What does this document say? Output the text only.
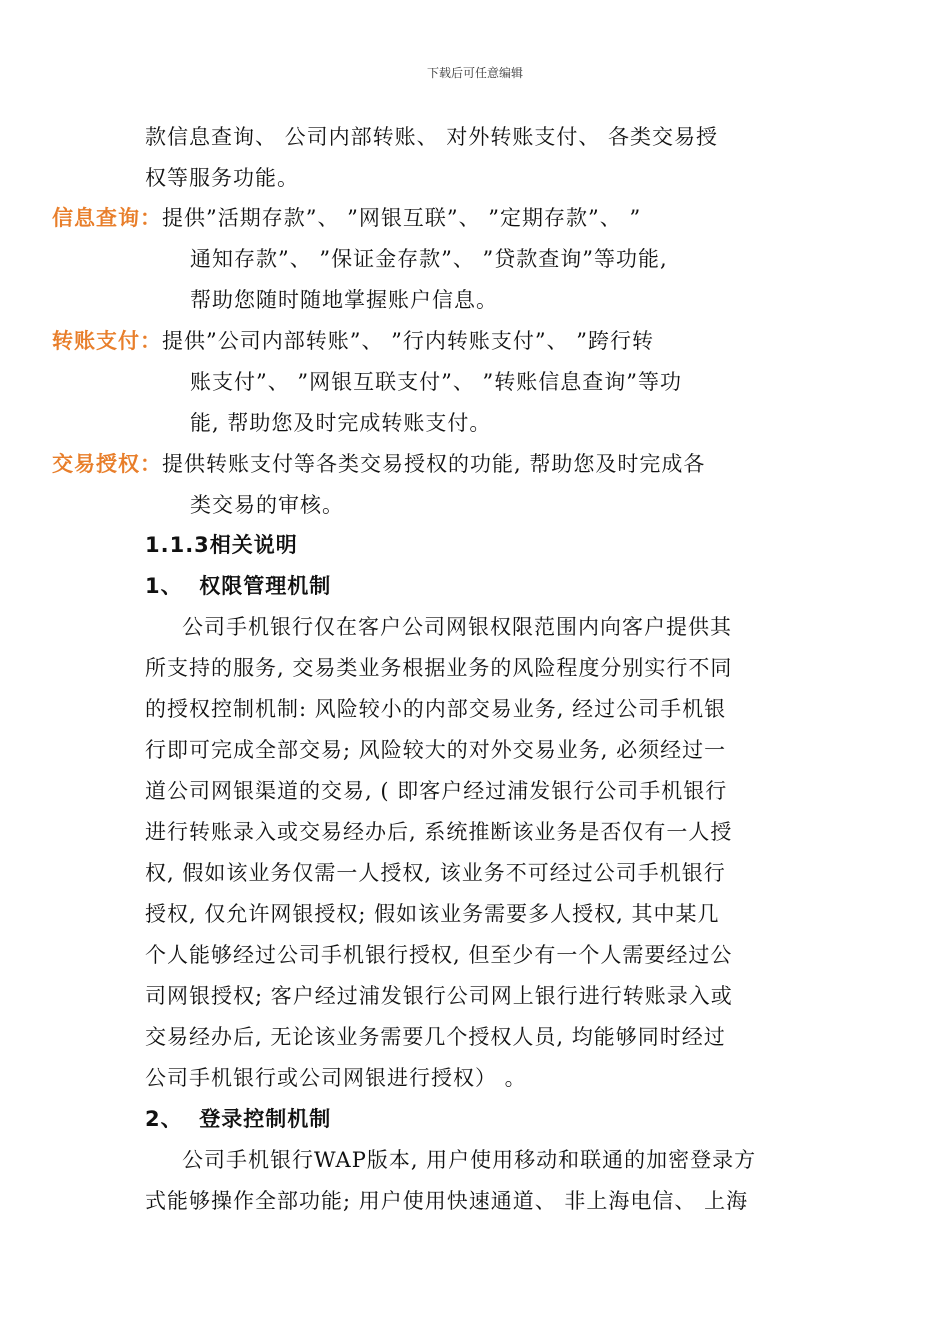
下载后可任意编辑
款信息查询、 公司内部转账、 对外转账支付、 各类交易授
权等服务功能。
信息查询：提供”活期存款”、 ”网银互联”、 ”定期存款”、 ”
通知存款”、 ”保证金存款”、 ”贷款查询”等功能,
帮助您随时随地掌握账户信息。
转账支付：提供”公司内部转账”、 ”行内转账支付”、 ”跨行转
账支付”、 ”网银互联支付”、 ”转账信息查询”等功
能, 帮助您及时完成转账支付。
交易授权：提供转账支付等各类交易授权的功能, 帮助您及时完成各
类交易的审核。
1.1.3相关说明
1、  权限管理机制
公司手机银行仅在客户公司网银权限范围内向客户提供其
所支持的服务, 交易类业务根据业务的风险程度分别实行不同
的授权控制机制: 风险较小的内部交易业务, 经过公司手机银
行即可完成全部交易; 风险较大的对外交易业务, 必须经过一
道公司网银渠道的交易, ( 即客户经过浦发银行公司手机银行
进行转账录入或交易经办后, 系统推断该业务是否仅有一人授
权, 假如该业务仅需一人授权, 该业务不可经过公司手机银行
授权, 仅允许网银授权; 假如该业务需要多人授权, 其中某几
个人能够经过公司手机银行授权, 但至少有一个人需要经过公
司网银授权; 客户经过浦发银行公司网上银行进行转账录入或
交易经办后, 无论该业务需要几个授权人员, 均能够同时经过
公司手机银行或公司网银进行授权） 。
2、  登录控制机制
公司手机银行WAP版本, 用户使用移动和联通的加密登录方
式能够操作全部功能; 用户使用快速通道、 非上海电信、 上海
